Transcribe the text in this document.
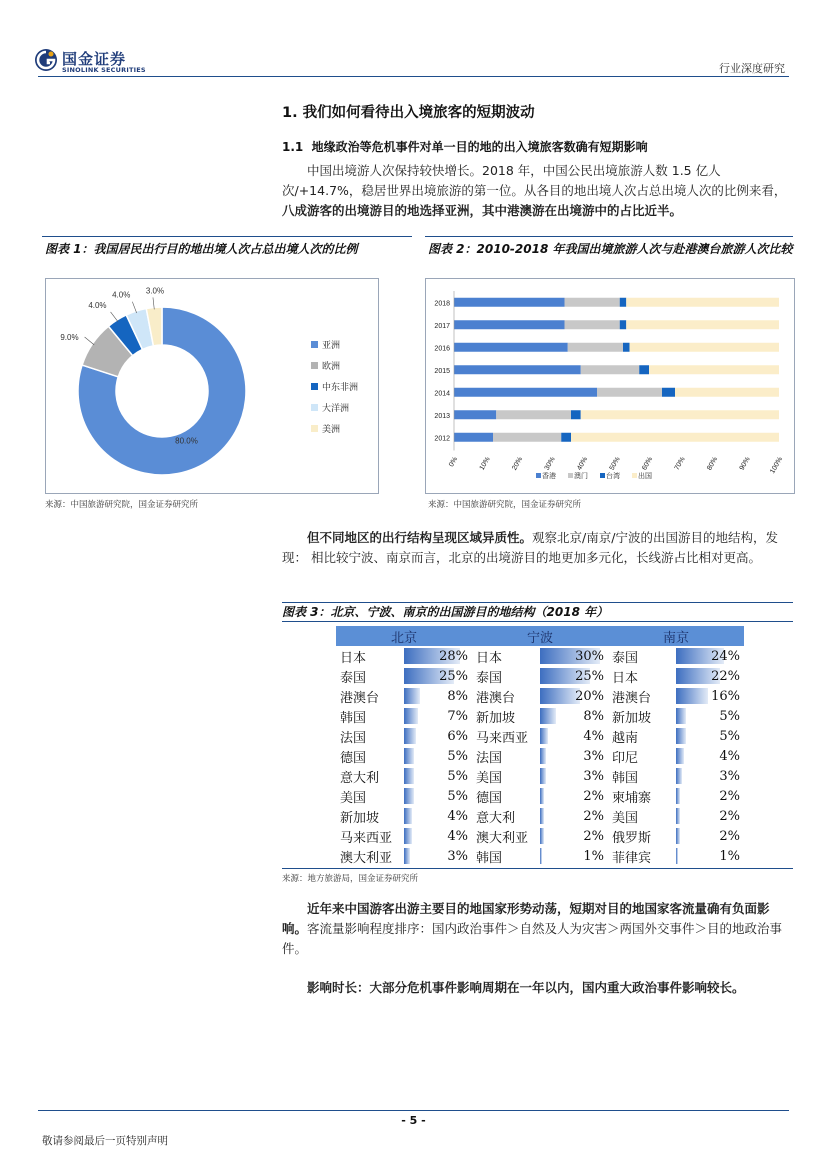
国金证券
SINOLINK SECURITIES	行业深度研究
1. 我们如何看待出入境旅客的短期波动
1.1 地缘政治等危机事件对单一目的地的出入境旅客数确有短期影响
中国出境游人次保持较快增长。2018 年，中国公民出境旅游人数 1.5 亿人次/+14.7%，稳居世界出境旅游的第一位。从各目的地出境人次占总出境人次的比例来看，八成游客的出境游目的地选择亚洲，其中港澳游在出境游中的占比近半。
图表 1：我国居民出行目的地出境人次占总出境人次的比例
80.0%
9.0%
4.0%
4.0% 3.0%
亚洲
欧洲
中东非洲
大洋洲
美洲
来源：中国旅游研究院，国金证券研究所
图表 2：2010-2018 年我国出境旅游人次与赴港澳台旅游人次比较
2018
2017
2016
2015
2014
2013
2012
0%	10%	20%	30%	40%	50%	60%	70%	80%	90% 100%
香港	澳门	台湾	出国
来源：中国旅游研究院，国金证券研究所
但不同地区的出行结构呈现区域异质性。观察北京/南京/宁波的出国游目的地结构，发现： 相比较宁波、南京而言，北京的出境游目的地更加多元化，长线游占比相对更高。
图表 3：北京、宁波、南京的出国游目的地结构（2018 年）
北京		宁波		南京	
日本	28%	日本	30%	泰国	24%
泰国	25%	泰国	25%	日本	22%
港澳台	8%	港澳台	20%	港澳台	16%
韩国	7%	新加坡	8%	新加坡	5%
法国	6%	马来西亚	4%	越南	5%
德国	5%	法国	3%	印尼	4%
意大利	5%	美国	3%	韩国	3%
美国	5%	德国	2%	柬埔寨	2%
新加坡	4%	意大利	2%	美国	2%
马来西亚	4%	澳大利亚	2%	俄罗斯	2%
澳大利亚	3%	韩国	1%	菲律宾	1%
来源：地方旅游局，国金证券研究所
近年来中国游客出游主要目的地国家形势动荡，短期对目的地国家客流量确有负面影响。客流量影响程度排序：国内政治事件＞自然及人为灾害＞两国外交事件＞目的地政治事件。
影响时长：大部分危机事件影响周期在一年以内，国内重大政治事件影响较长。
- 5 -
敬请参阅最后一页特别声明
